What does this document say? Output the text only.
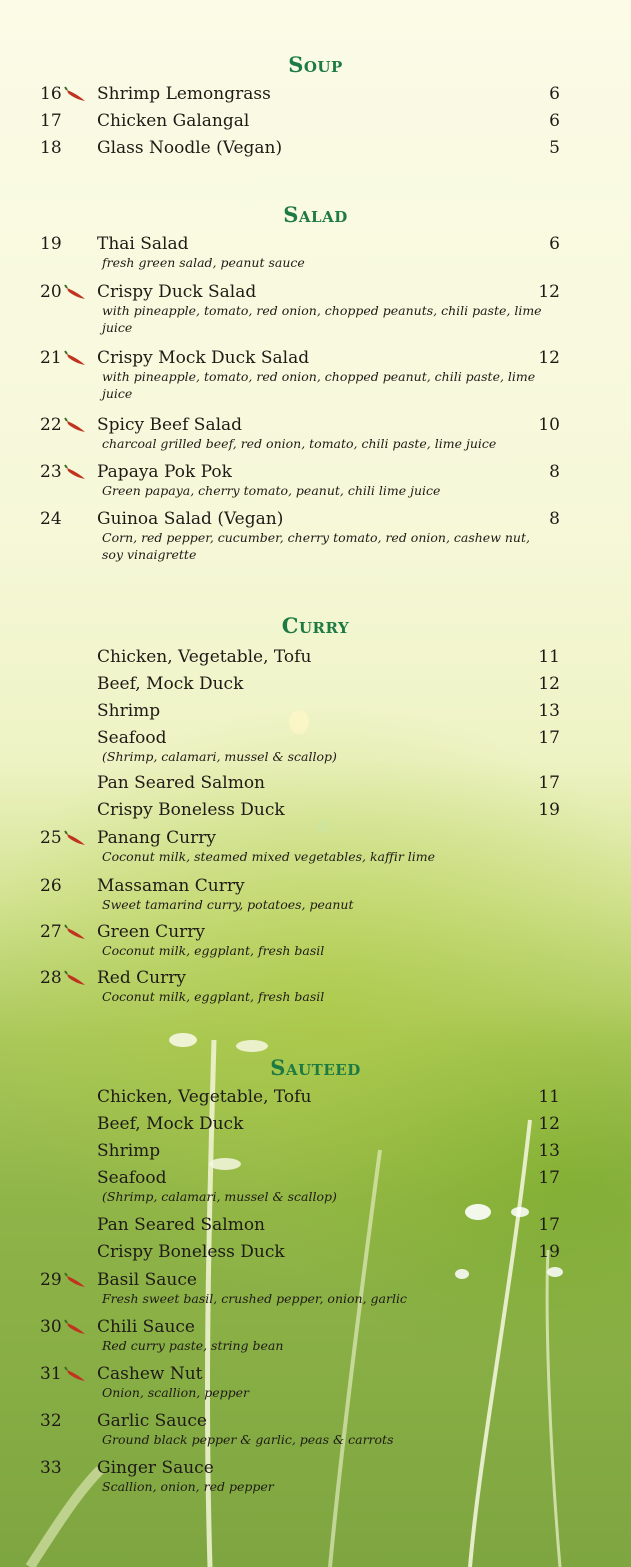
Soup
16	Shrimp Lemongrass	6
17	Chicken Galangal	6
18	Glass Noodle (Vegan)	5
Salad
19	Thai Salad	6
fresh green salad, peanut sauce
20	Crispy Duck Salad	12
with pineapple, tomato, red onion, chopped peanuts, chili paste, lime juice
21	Crispy Mock Duck Salad	12
with pineapple, tomato, red onion, chopped peanut, chili paste, lime juice
22	Spicy Beef Salad	10
charcoal grilled beef, red onion, tomato, chili paste, lime juice
23	Papaya Pok Pok	8
Green papaya, cherry tomato, peanut, chili lime juice
24	Guinoa Salad (Vegan)	8
Corn, red pepper, cucumber, cherry tomato, red onion, cashew nut, soy vinaigrette
Curry
Chicken, Vegetable, Tofu	11
Beef, Mock Duck	12
Shrimp	13
Seafood	17
(Shrimp, calamari, mussel & scallop)
Pan Seared Salmon	17
Crispy Boneless Duck	19
25	Panang Curry
Coconut milk, steamed mixed vegetables, kaffir lime
26	Massaman Curry
Sweet tamarind curry, potatoes, peanut
27	Green Curry
Coconut milk, eggplant, fresh basil
28	Red Curry
Coconut milk, eggplant, fresh basil
Sauteed
Chicken, Vegetable, Tofu	11
Beef, Mock Duck	12
Shrimp	13
Seafood	17
(Shrimp, calamari, mussel & scallop)
Pan Seared Salmon	17
Crispy Boneless Duck	19
29	Basil Sauce
Fresh sweet basil, crushed pepper, onion, garlic
30	Chili Sauce
Red curry paste, string bean
31	Cashew Nut
Onion, scallion, pepper
32	Garlic Sauce
Ground black pepper & garlic, peas & carrots
33	Ginger Sauce
Scallion, onion, red pepper
